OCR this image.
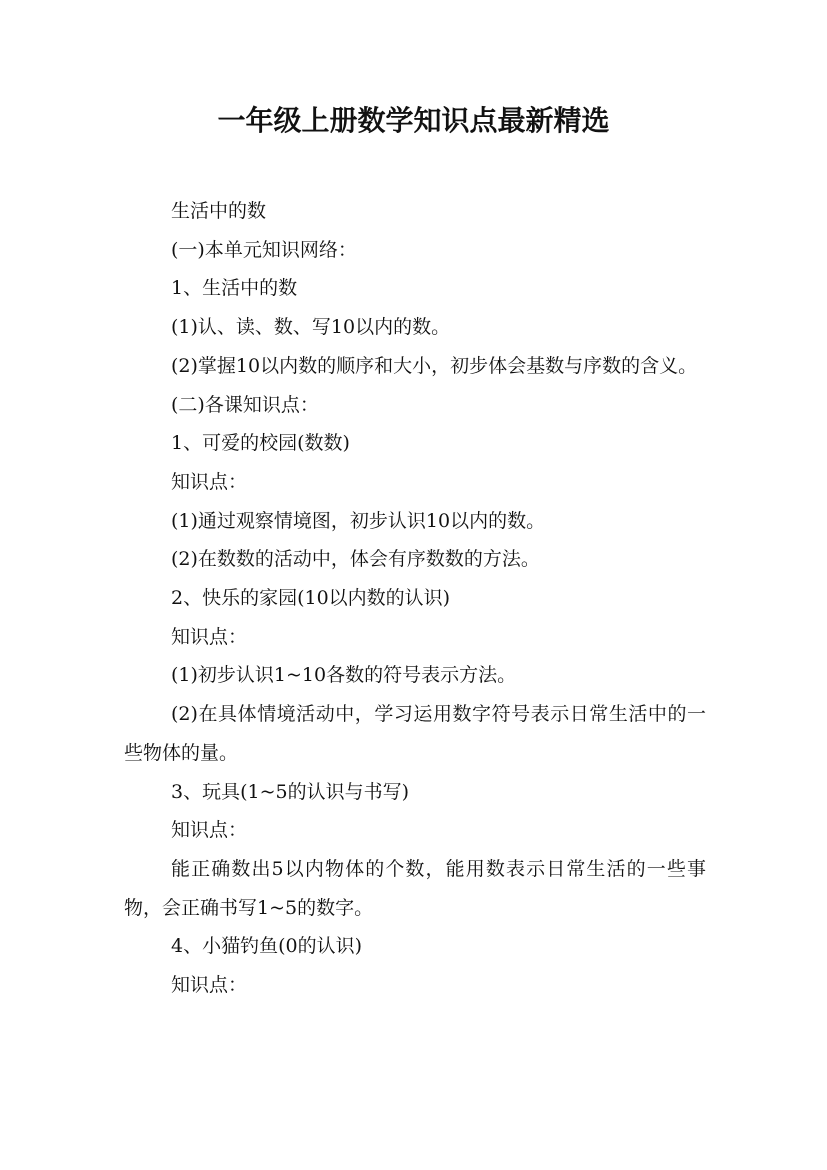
一年级上册数学知识点最新精选

生活中的数

(一)本单元知识网络：

1、生活中的数

(1)认、读、数、写10以内的数。

(2)掌握10以内数的顺序和大小，初步体会基数与序数的含义。

(二)各课知识点：

1、可爱的校园(数数)

知识点：

(1)通过观察情境图，初步认识10以内的数。

(2)在数数的活动中，体会有序数数的方法。

2、快乐的家园(10以内数的认识)

知识点：

(1)初步认识1~10各数的符号表示方法。

(2)在具体情境活动中，学习运用数字符号表示日常生活中的一些物体的量。

3、玩具(1~5的认识与书写)

知识点：

能正确数出5以内物体的个数，能用数表示日常生活的一些事物，会正确书写1~5的数字。

4、小猫钓鱼(0的认识)

知识点：
